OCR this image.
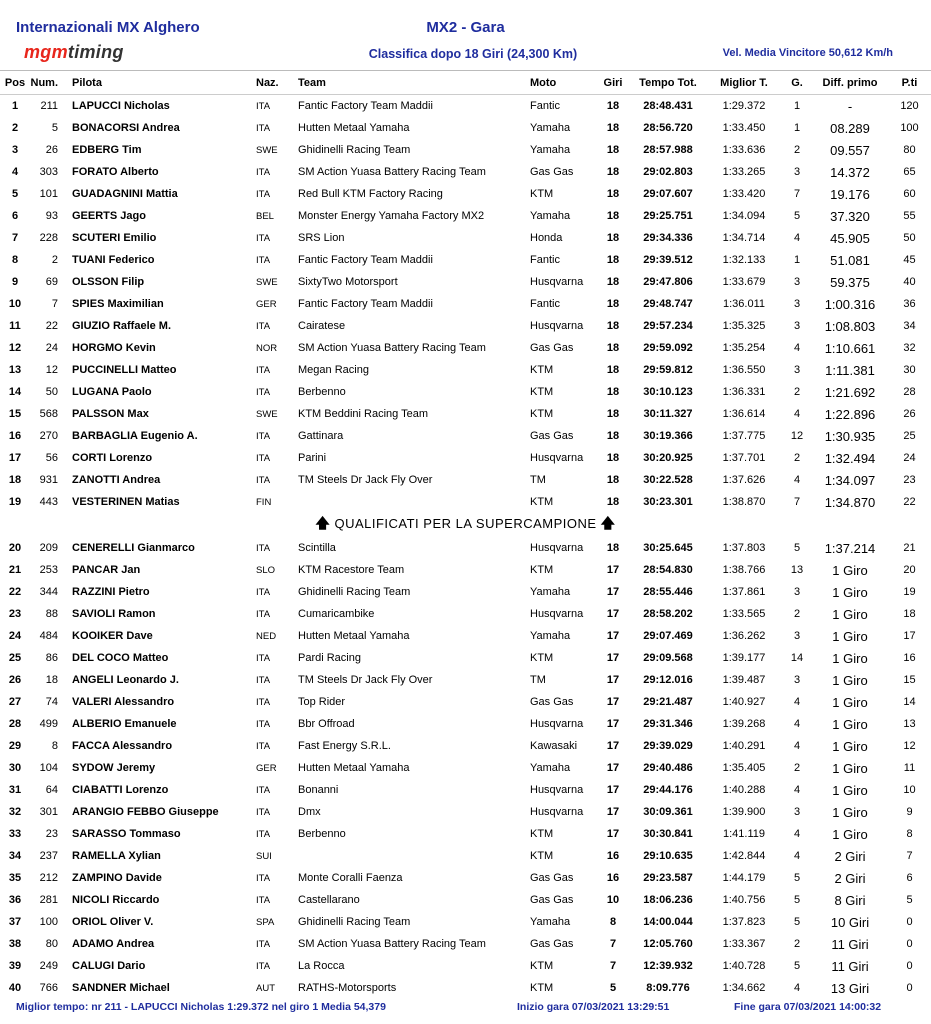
Internazionali MX Alghero
mgmtiming
MX2 - Gara
Classifica dopo 18 Giri (24,300 Km)	Vel. Media Vincitore 50,612 Km/h
Pos	Num.	Pilota	Naz.	Team	Moto	Giri	Tempo Tot.	Miglior T.	G.	Diff. primo	P.ti
1	211	LAPUCCI Nicholas	ITA	Fantic Factory Team Maddii	Fantic	18	28:48.431	1:29.372	1	-	120
2	5	BONACORSI Andrea	ITA	Hutten Metaal Yamaha	Yamaha	18	28:56.720	1:33.450	1	08.289	100
3	26	EDBERG Tim	SWE	Ghidinelli Racing Team	Yamaha	18	28:57.988	1:33.636	2	09.557	80
4	303	FORATO Alberto	ITA	SM Action Yuasa Battery Racing Team	Gas Gas	18	29:02.803	1:33.265	3	14.372	65
5	101	GUADAGNINI Mattia	ITA	Red Bull KTM Factory Racing	KTM	18	29:07.607	1:33.420	7	19.176	60
6	93	GEERTS Jago	BEL	Monster Energy Yamaha Factory MX2	Yamaha	18	29:25.751	1:34.094	5	37.320	55
7	228	SCUTERI Emilio	ITA	SRS Lion	Honda	18	29:34.336	1:34.714	4	45.905	50
8	2	TUANI Federico	ITA	Fantic Factory Team Maddii	Fantic	18	29:39.512	1:32.133	1	51.081	45
9	69	OLSSON Filip	SWE	SixtyTwo Motorsport	Husqvarna	18	29:47.806	1:33.679	3	59.375	40
10	7	SPIES Maximilian	GER	Fantic Factory Team Maddii	Fantic	18	29:48.747	1:36.011	3	1:00.316	36
11	22	GIUZIO Raffaele M.	ITA	Cairatese	Husqvarna	18	29:57.234	1:35.325	3	1:08.803	34
12	24	HORGMO Kevin	NOR	SM Action Yuasa Battery Racing Team	Gas Gas	18	29:59.092	1:35.254	4	1:10.661	32
13	12	PUCCINELLI Matteo	ITA	Megan Racing	KTM	18	29:59.812	1:36.550	3	1:11.381	30
14	50	LUGANA Paolo	ITA	Berbenno	KTM	18	30:10.123	1:36.331	2	1:21.692	28
15	568	PALSSON Max	SWE	KTM Beddini Racing Team	KTM	18	30:11.327	1:36.614	4	1:22.896	26
16	270	BARBAGLIA Eugenio A.	ITA	Gattinara	Gas Gas	18	30:19.366	1:37.775	12	1:30.935	25
17	56	CORTI Lorenzo	ITA	Parini	Husqvarna	18	30:20.925	1:37.701	2	1:32.494	24
18	931	ZANOTTI Andrea	ITA	TM Steels Dr Jack Fly Over	TM	18	30:22.528	1:37.626	4	1:34.097	23
19	443	VESTERINEN Matias	FIN		KTM	18	30:23.301	1:38.870	7	1:34.870	22
🡅 QUALIFICATI PER LA SUPERCAMPIONE 🡅											
20	209	CENERELLI Gianmarco	ITA	Scintilla	Husqvarna	18	30:25.645	1:37.803	5	1:37.214	21
21	253	PANCAR Jan	SLO	KTM Racestore Team	KTM	17	28:54.830	1:38.766	13	1 Giro	20
22	344	RAZZINI Pietro	ITA	Ghidinelli Racing Team	Yamaha	17	28:55.446	1:37.861	3	1 Giro	19
23	88	SAVIOLI Ramon	ITA	Cumaricambike	Husqvarna	17	28:58.202	1:33.565	2	1 Giro	18
24	484	KOOIKER Dave	NED	Hutten Metaal Yamaha	Yamaha	17	29:07.469	1:36.262	3	1 Giro	17
25	86	DEL COCO Matteo	ITA	Pardi Racing	KTM	17	29:09.568	1:39.177	14	1 Giro	16
26	18	ANGELI Leonardo J.	ITA	TM Steels Dr Jack Fly Over	TM	17	29:12.016	1:39.487	3	1 Giro	15
27	74	VALERI Alessandro	ITA	Top Rider	Gas Gas	17	29:21.487	1:40.927	4	1 Giro	14
28	499	ALBERIO Emanuele	ITA	Bbr Offroad	Husqvarna	17	29:31.346	1:39.268	4	1 Giro	13
29	8	FACCA Alessandro	ITA	Fast Energy S.R.L.	Kawasaki	17	29:39.029	1:40.291	4	1 Giro	12
30	104	SYDOW Jeremy	GER	Hutten Metaal Yamaha	Yamaha	17	29:40.486	1:35.405	2	1 Giro	11
31	64	CIABATTI Lorenzo	ITA	Bonanni	Husqvarna	17	29:44.176	1:40.288	4	1 Giro	10
32	301	ARANGIO FEBBO Giuseppe	ITA	Dmx	Husqvarna	17	30:09.361	1:39.900	3	1 Giro	9
33	23	SARASSO Tommaso	ITA	Berbenno	KTM	17	30:30.841	1:41.119	4	1 Giro	8
34	237	RAMELLA Xylian	SUI		KTM	16	29:10.635	1:42.844	4	2 Giri	7
35	212	ZAMPINO Davide	ITA	Monte Coralli Faenza	Gas Gas	16	29:23.587	1:44.179	5	2 Giri	6
36	281	NICOLI Riccardo	ITA	Castellarano	Gas Gas	10	18:06.236	1:40.756	5	8 Giri	5
37	100	ORIOL Oliver V.	SPA	Ghidinelli Racing Team	Yamaha	8	14:00.044	1:37.823	5	10 Giri	0
38	80	ADAMO Andrea	ITA	SM Action Yuasa Battery Racing Team	Gas Gas	7	12:05.760	1:33.367	2	11 Giri	0
39	249	CALUGI Dario	ITA	La Rocca	KTM	7	12:39.932	1:40.728	5	11 Giri	0
40	766	SANDNER Michael	AUT	RATHS-Motorsports	KTM	5	8:09.776	1:34.662	4	13 Giri	0
Miglior tempo: nr 211 - LAPUCCI Nicholas 1:29.372 nel giro 1 Media 54,379	Inizio gara 07/03/2021 13:29:51	Fine gara 07/03/2021 14:00:32
